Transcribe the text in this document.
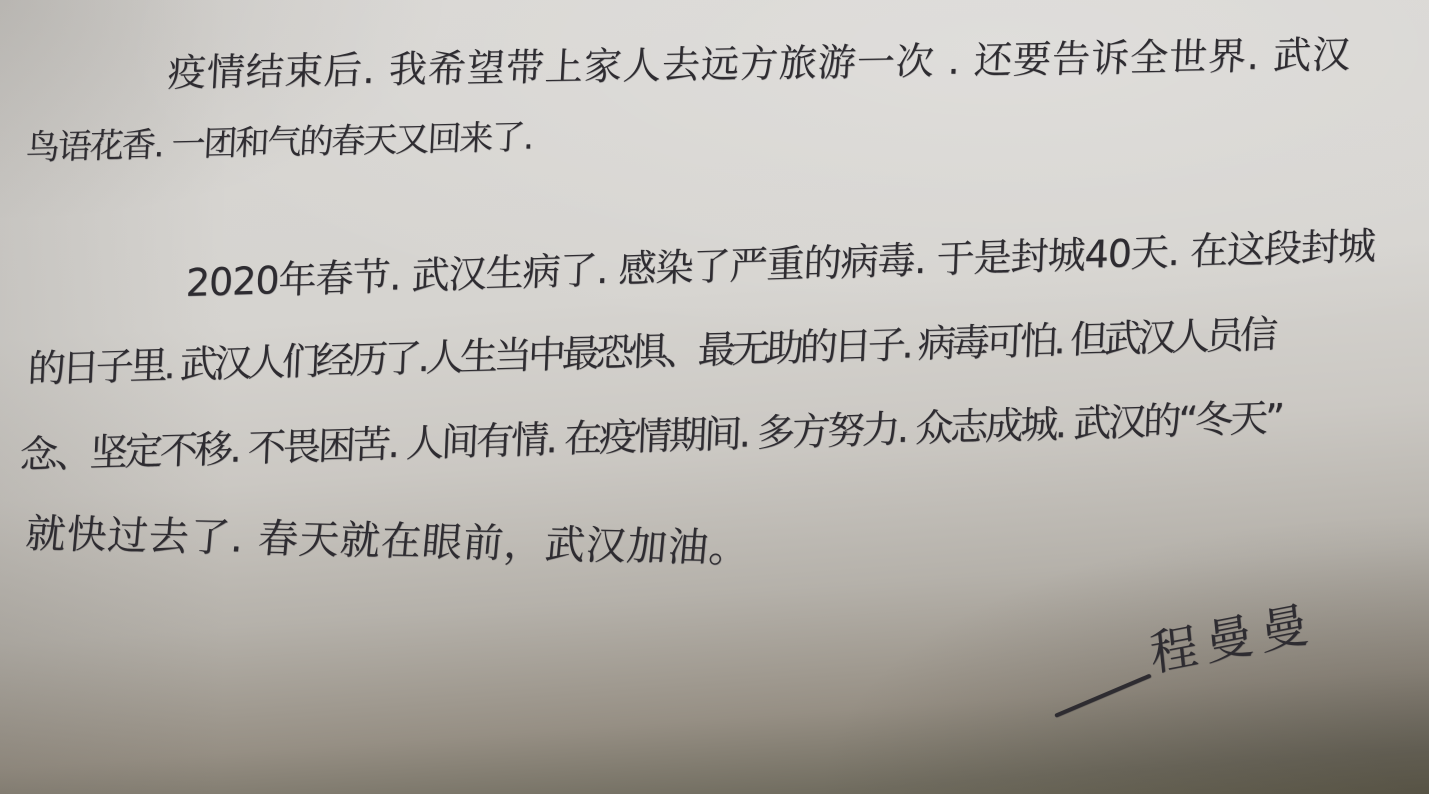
疫情结束后. 我希望带上家人去远方旅游一次 . 还要告诉全世界. 武汉
鸟语花香. 一团和气的春天又回来了.
2020年春节. 武汉生病了. 感染了严重的病毒. 于是封城40天. 在这段封城
的日子里. 武汉人们经历了.人生当中最恐惧、最无助的日子. 病毒可怕. 但武汉人员信
念、坚定不移. 不畏困苦. 人间有情. 在疫情期间. 多方努力. 众志成城. 武汉的“冬天”
就快过去了. 春天就在眼前，武汉加油。
程曼曼
